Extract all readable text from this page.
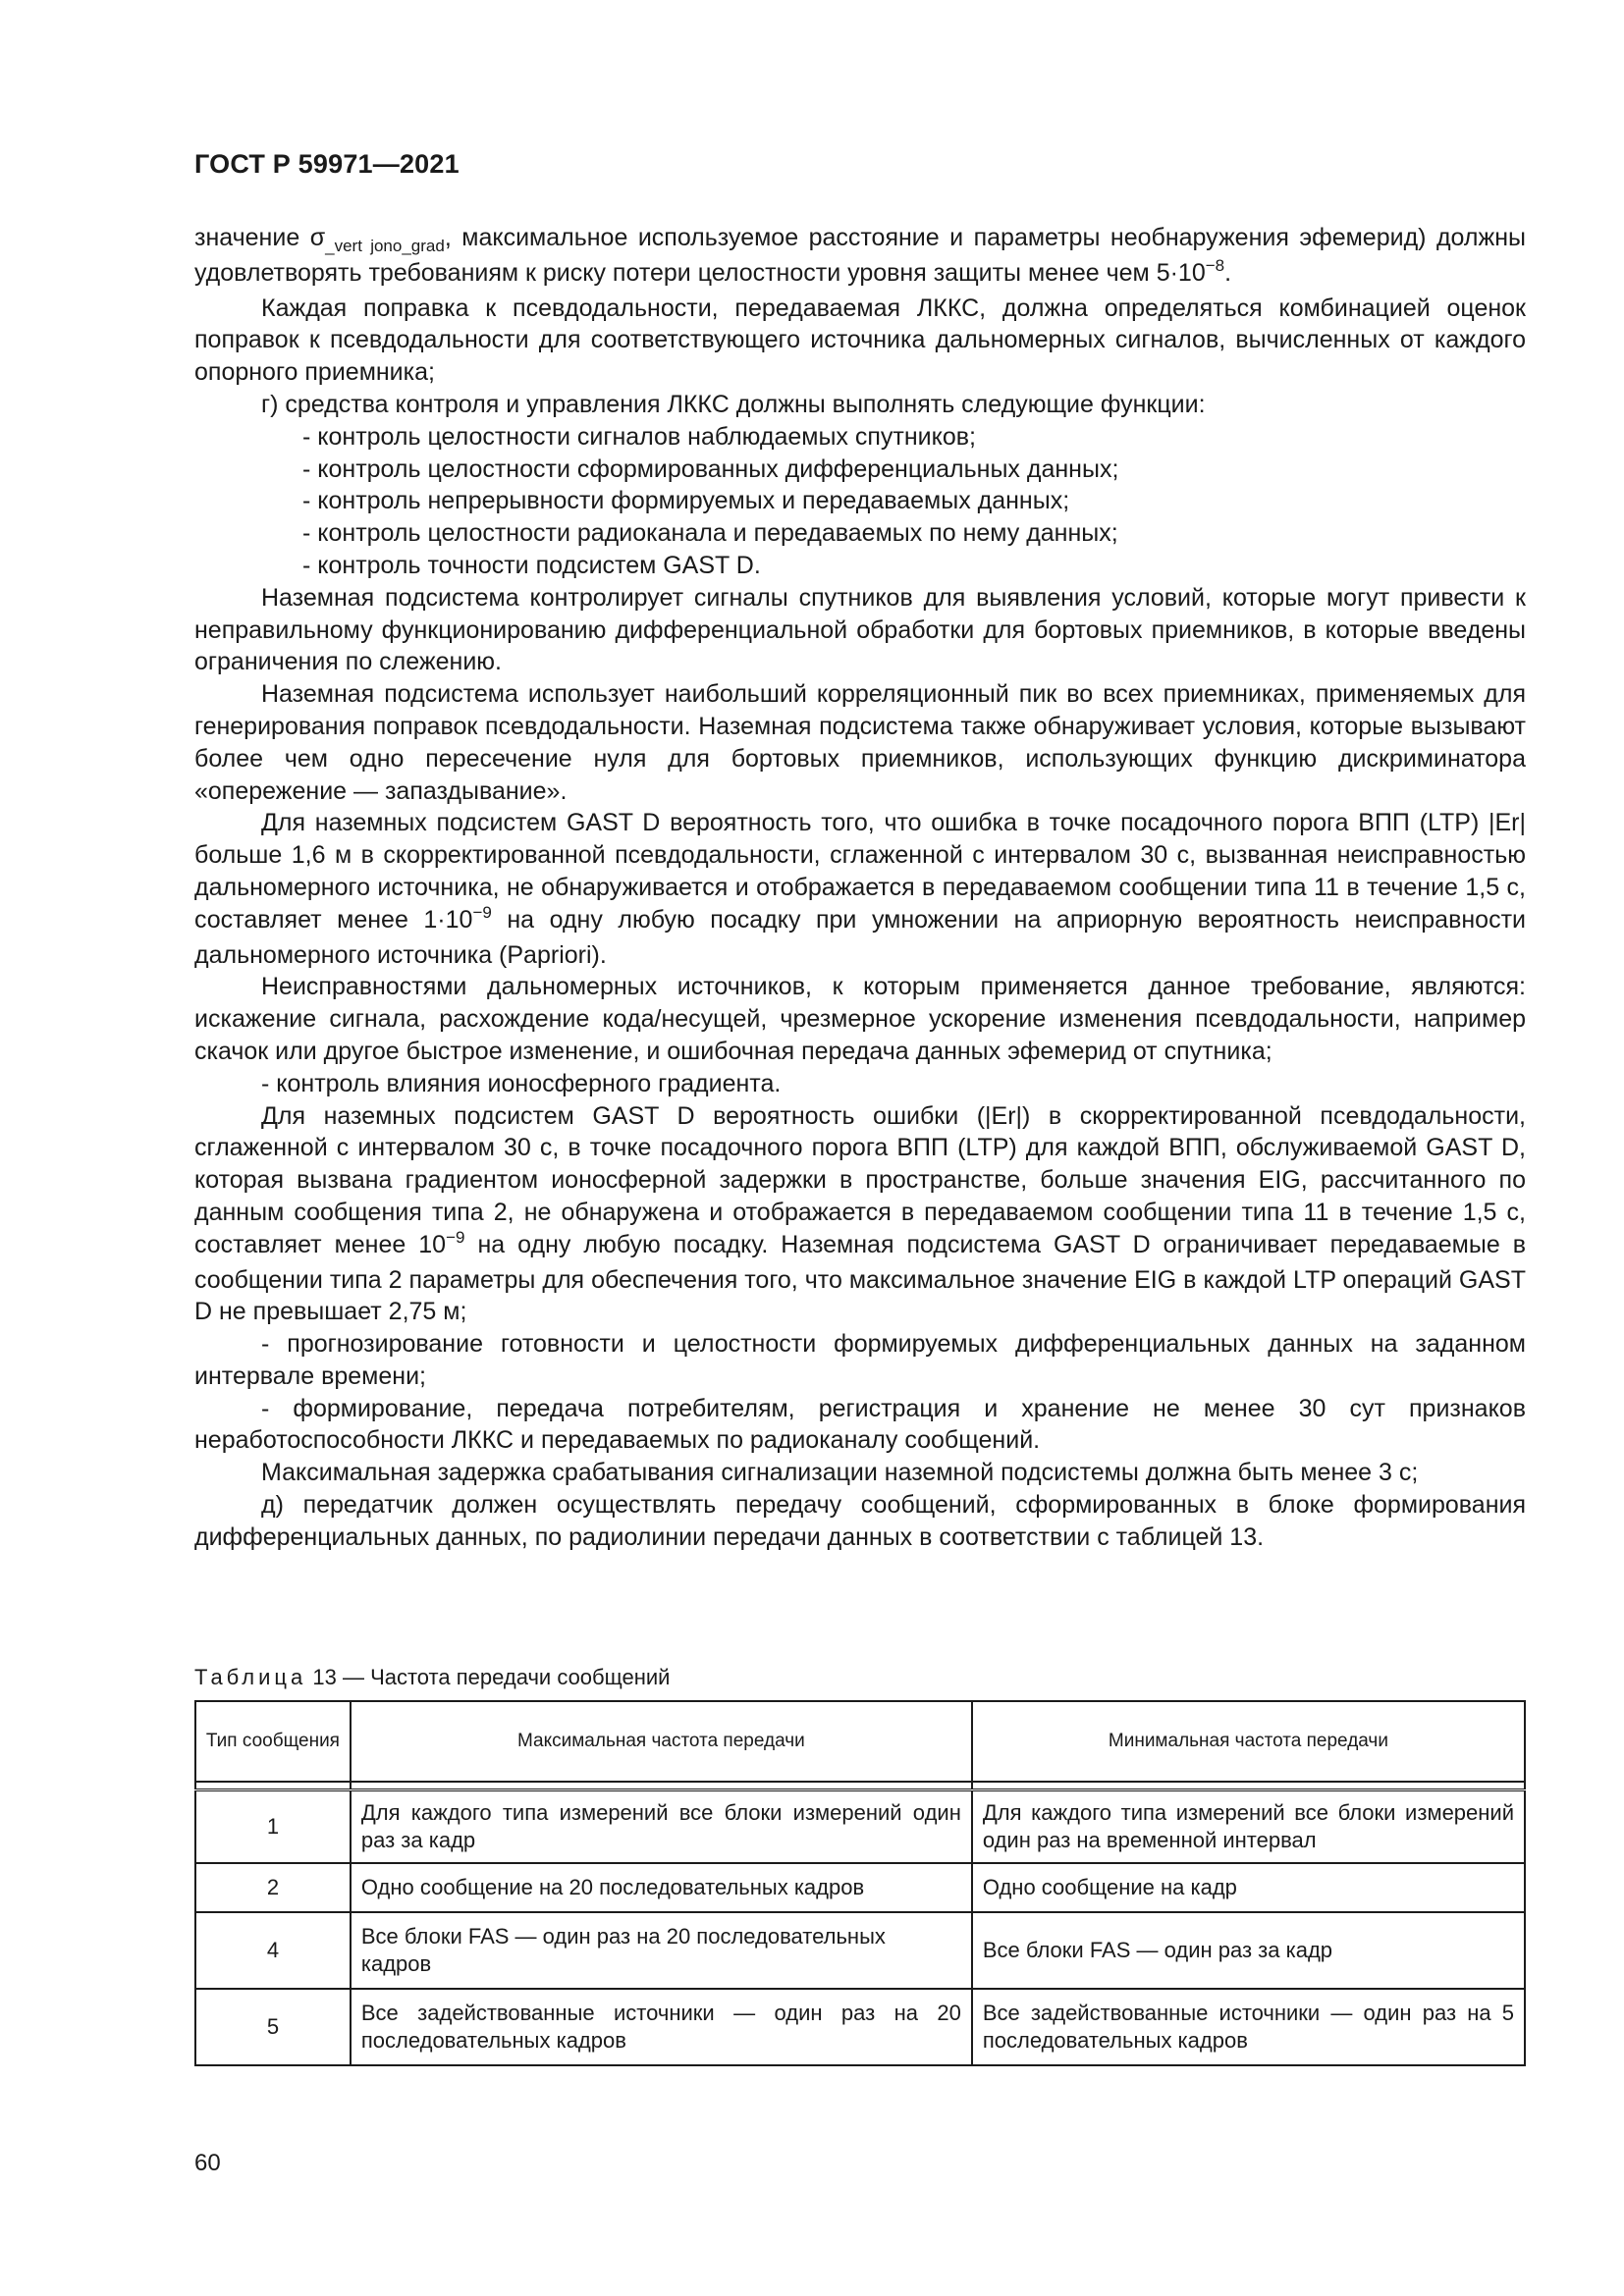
ГОСТ Р 59971—2021

значение $\sigma_{\_vert jono\_grad}$, максимальное используемое расстояние и параметры необнаружения эфемерид) должны удовлетворять требованиям к риску потери целостности уровня защиты менее чем $5\cdot 10^{-8}$.

Каждая поправка к псевдодальности, передаваемая ЛККС, должна определяться комбинацией оценок поправок к псевдодальности для соответствующего источника дальномерных сигналов, вычисленных от каждого опорного приемника;

г) средства контроля и управления ЛККС должны выполнять следующие функции:

- контроль целостности сигналов наблюдаемых спутников;

- контроль целостности сформированных дифференциальных данных;

- контроль непрерывности формируемых и передаваемых данных;

- контроль целостности радиоканала и передаваемых по нему данных;

- контроль точности подсистем GAST D.

Наземная подсистема контролирует сигналы спутников для выявления условий, которые могут привести к неправильному функционированию дифференциальной обработки для бортовых приемников, в которые введены ограничения по слежению.

Наземная подсистема использует наибольший корреляционный пик во всех приемниках, применяемых для генерирования поправок псевдодальности. Наземная подсистема также обнаруживает условия, которые вызывают более чем одно пересечение нуля для бортовых приемников, использующих функцию дискриминатора «опережение — запаздывание».

Для наземных подсистем GAST D вероятность того, что ошибка в точке посадочного порога ВПП (LTP) |Er| больше 1,6 м в скорректированной псевдодальности, сглаженной с интервалом 30 с, вызванная неисправностью дальномерного источника, не обнаруживается и отображается в передаваемом сообщении типа 11 в течение 1,5 с, составляет менее $1\cdot 10^{-9}$ на одну любую посадку при умножении на априорную вероятность неисправности дальномерного источника (Papriori).

Неисправностями дальномерных источников, к которым применяется данное требование, являются: искажение сигнала, расхождение кода/несущей, чрезмерное ускорение изменения псевдодальности, например скачок или другое быстрое изменение, и ошибочная передача данных эфемерид от спутника;

- контроль влияния ионосферного градиента.

Для наземных подсистем GAST D вероятность ошибки (|Er|) в скорректированной псевдодальности, сглаженной с интервалом 30 с, в точке посадочного порога ВПП (LTP) для каждой ВПП, обслуживаемой GAST D, которая вызвана градиентом ионосферной задержки в пространстве, больше значения EIG, рассчитанного по данным сообщения типа 2, не обнаружена и отображается в передаваемом сообщении типа 11 в течение 1,5 с, составляет менее $10^{-9}$ на одну любую посадку. Наземная подсистема GAST D ограничивает передаваемые в сообщении типа 2 параметры для обеспечения того, что максимальное значение EIG в каждой LTP операций GAST D не превышает 2,75 м;

- прогнозирование готовности и целостности формируемых дифференциальных данных на заданном интервале времени;

- формирование, передача потребителям, регистрация и хранение не менее 30 сут признаков неработоспособности ЛККС и передаваемых по радиоканалу сообщений.

Максимальная задержка срабатывания сигнализации наземной подсистемы должна быть менее 3 с;

д) передатчик должен осуществлять передачу сообщений, сформированных в блоке формирования дифференциальных данных, по радиолинии передачи данных в соответствии с таблицей 13.

Таблица 13 — Частота передачи сообщений
Тип сообщения	Максимальная частота передачи	Минимальная частота передачи

1	Для каждого типа измерений все блоки измерений один раз за кадр	Для каждого типа измерений все блоки измерений один раз на временной интервал
2	Одно сообщение на 20 последовательных кадров	Одно сообщение на кадр
4	Все блоки FAS — один раз на 20 последовательных кадров	Все блоки FAS — один раз за кадр
5	Все задействованные источники — один раз на 20 последовательных кадров	Все задействованные источники — один раз на 5 последовательных кадров
60
